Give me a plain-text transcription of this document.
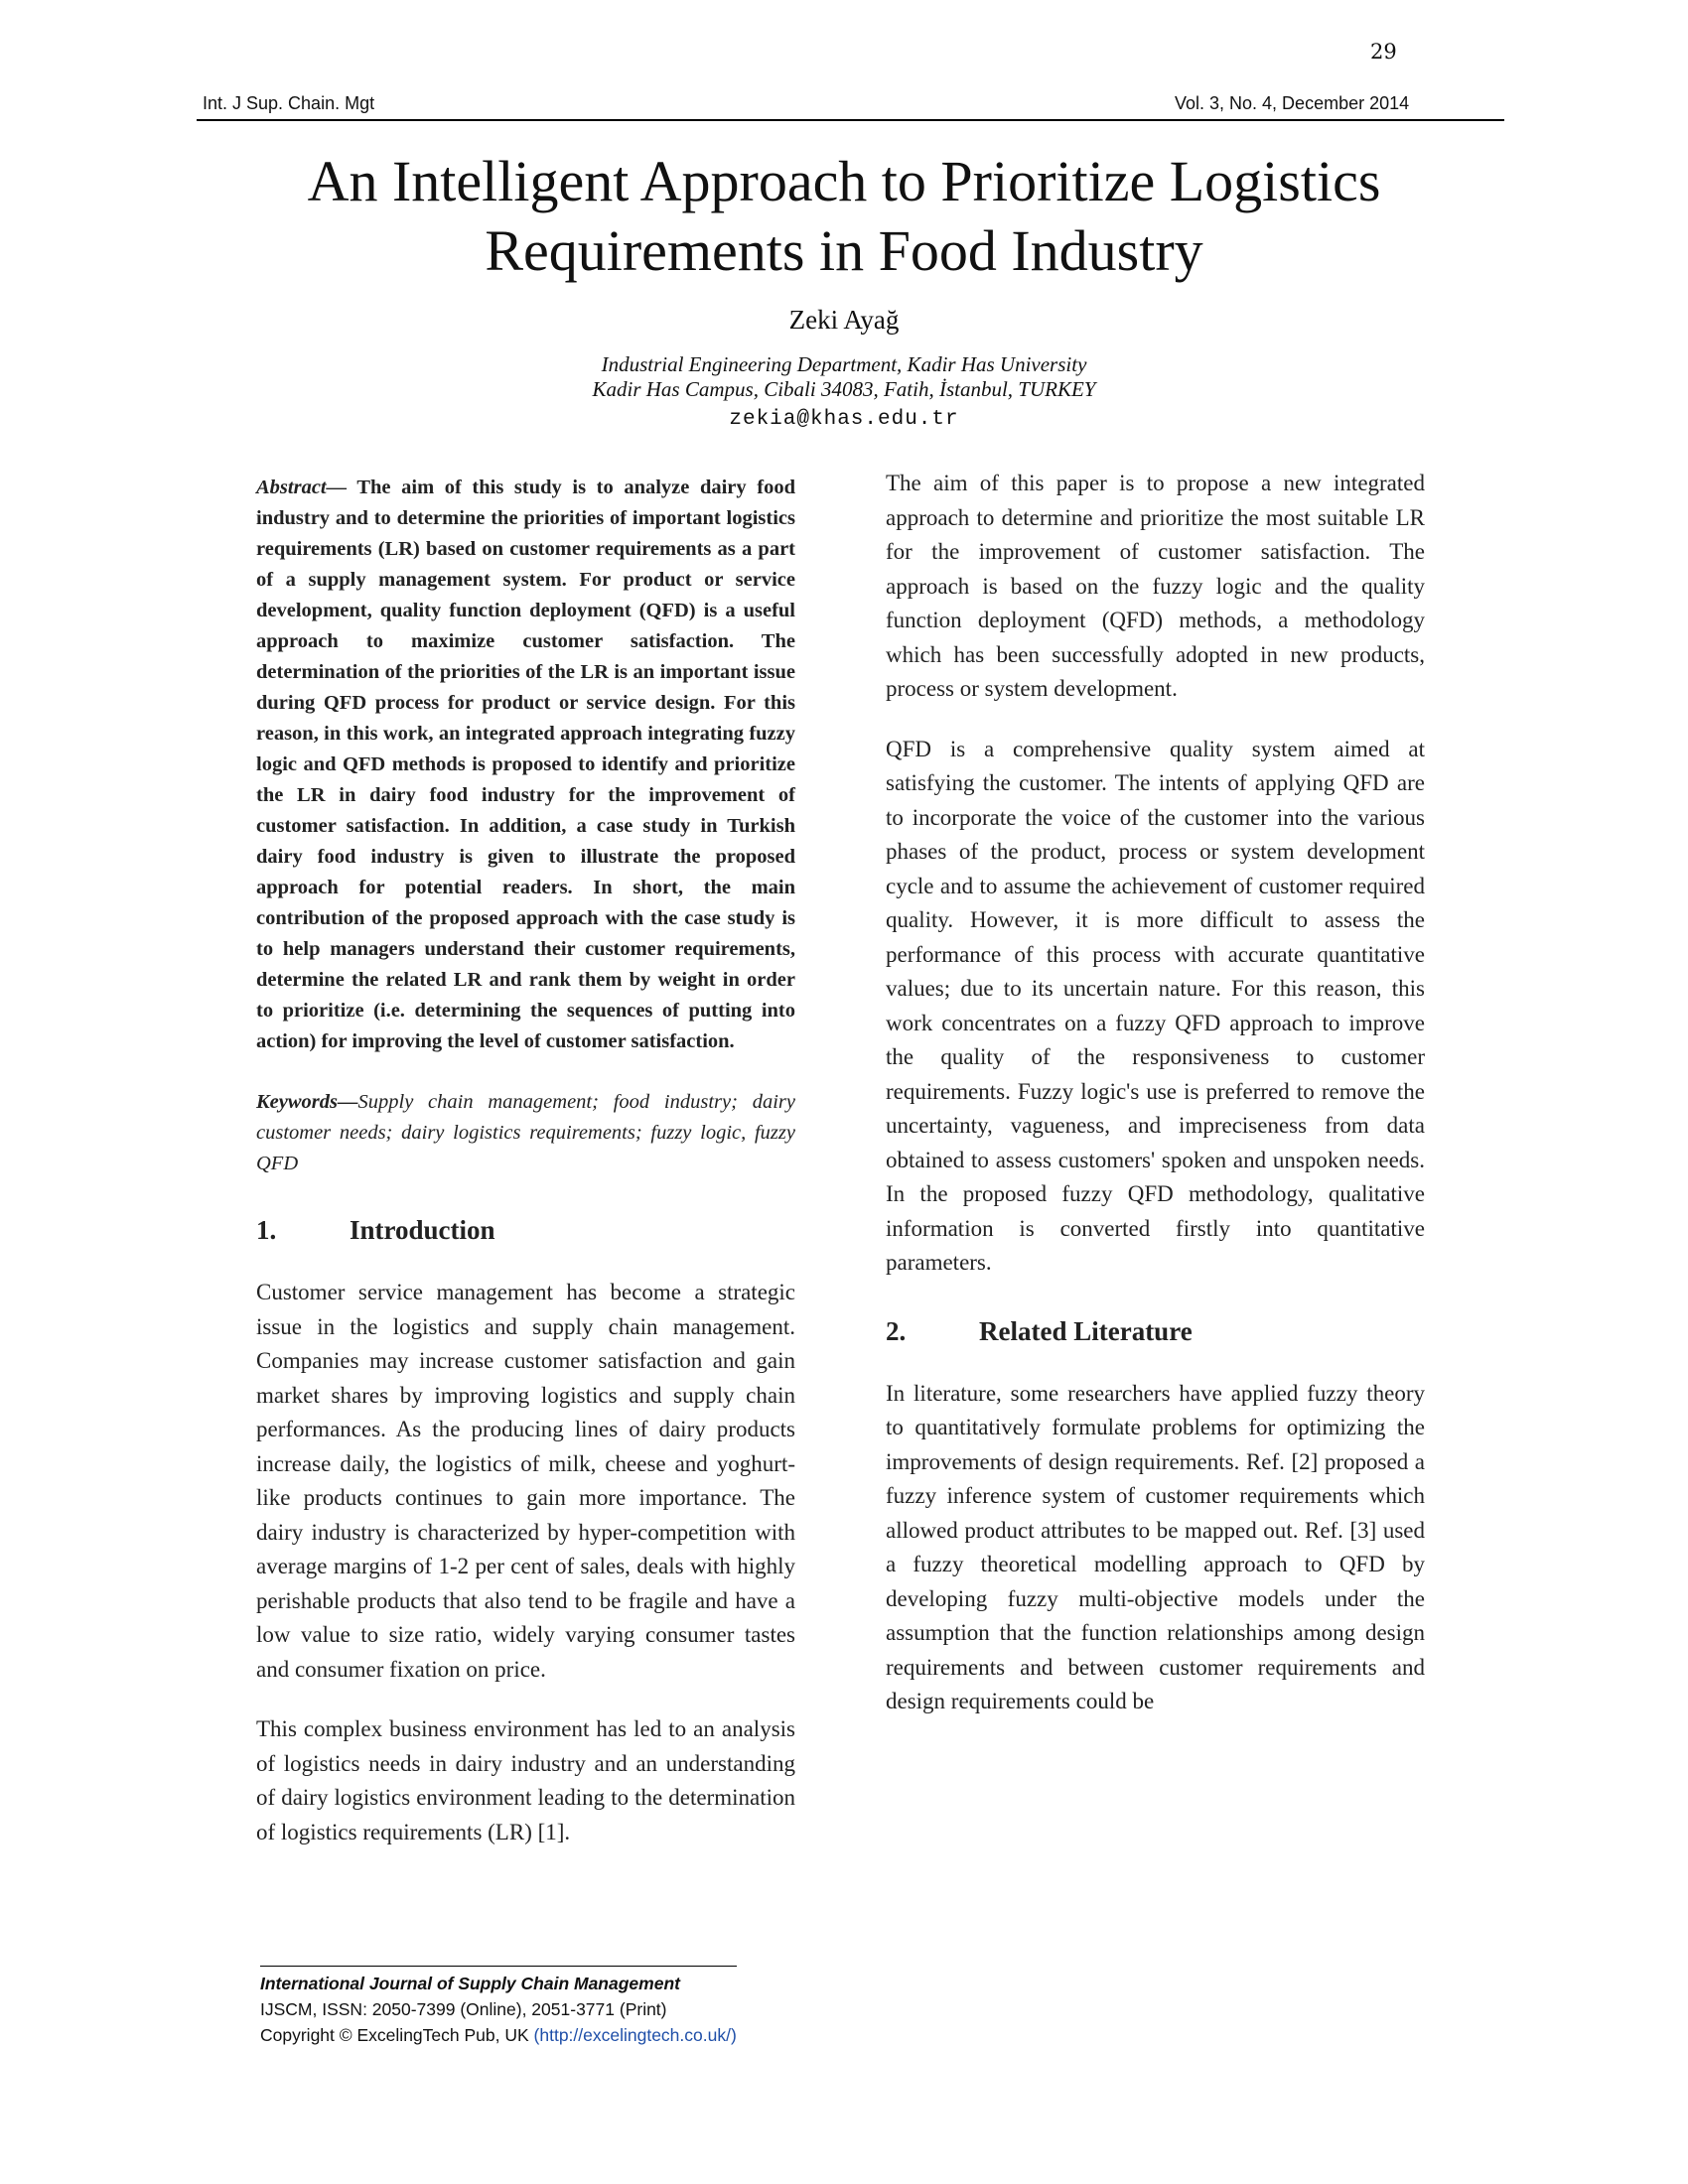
29
Int. J Sup. Chain. Mgt	Vol. 3, No. 4, December 2014
An Intelligent Approach to Prioritize Logistics Requirements in Food Industry
Zeki Ayağ
Industrial Engineering Department, Kadir Has University
Kadir Has Campus, Cibali 34083, Fatih, İstanbul, TURKEY
zekia@khas.edu.tr

Abstract— The aim of this study is to analyze dairy food industry and to determine the priorities of important logistics requirements (LR) based on customer requirements as a part of a supply management system. For product or service development, quality function deployment (QFD) is a useful approach to maximize customer satisfaction. The determination of the priorities of the LR is an important issue during QFD process for product or service design. For this reason, in this work, an integrated approach integrating fuzzy logic and QFD methods is proposed to identify and prioritize the LR in dairy food industry for the improvement of customer satisfaction. In addition, a case study in Turkish dairy food industry is given to illustrate the proposed approach for potential readers. In short, the main contribution of the proposed approach with the case study is to help managers understand their customer requirements, determine the related LR and rank them by weight in order to prioritize (i.e. determining the sequences of putting into action) for improving the level of customer satisfaction.

Keywords—Supply chain management; food industry; dairy customer needs; dairy logistics requirements; fuzzy logic, fuzzy QFD

1.	Introduction

Customer service management has become a strategic issue in the logistics and supply chain management. Companies may increase customer satisfaction and gain market shares by improving logistics and supply chain performances. As the producing lines of dairy products increase daily, the logistics of milk, cheese and yoghurt-like products continues to gain more importance. The dairy industry is characterized by hyper-competition with average margins of 1-2 per cent of sales, deals with highly perishable products that also tend to be fragile and have a low value to size ratio, widely varying consumer tastes and consumer fixation on price.

This complex business environment has led to an analysis of logistics needs in dairy industry and an understanding of dairy logistics environment leading to the determination of logistics requirements (LR) [1].

The aim of this paper is to propose a new integrated approach to determine and prioritize the most suitable LR for the improvement of customer satisfaction. The approach is based on the fuzzy logic and the quality function deployment (QFD) methods, a methodology which has been successfully adopted in new products, process or system development.

QFD is a comprehensive quality system aimed at satisfying the customer. The intents of applying QFD are to incorporate the voice of the customer into the various phases of the product, process or system development cycle and to assume the achievement of customer required quality. However, it is more difficult to assess the performance of this process with accurate quantitative values; due to its uncertain nature. For this reason, this work concentrates on a fuzzy QFD approach to improve the quality of the responsiveness to customer requirements. Fuzzy logic's use is preferred to remove the uncertainty, vagueness, and impreciseness from data obtained to assess customers' spoken and unspoken needs. In the proposed fuzzy QFD methodology, qualitative information is converted firstly into quantitative parameters.

2.	Related Literature

In literature, some researchers have applied fuzzy theory to quantitatively formulate problems for optimizing the improvements of design requirements. Ref. [2] proposed a fuzzy inference system of customer requirements which allowed product attributes to be mapped out. Ref. [3] used a fuzzy theoretical modelling approach to QFD by developing fuzzy multi-objective models under the assumption that the function relationships among design requirements and between customer requirements and design requirements could be

International Journal of Supply Chain Management
IJSCM, ISSN: 2050-7399 (Online), 2051-3771 (Print)
Copyright © ExcelingTech Pub, UK (http://excelingtech.co.uk/)
